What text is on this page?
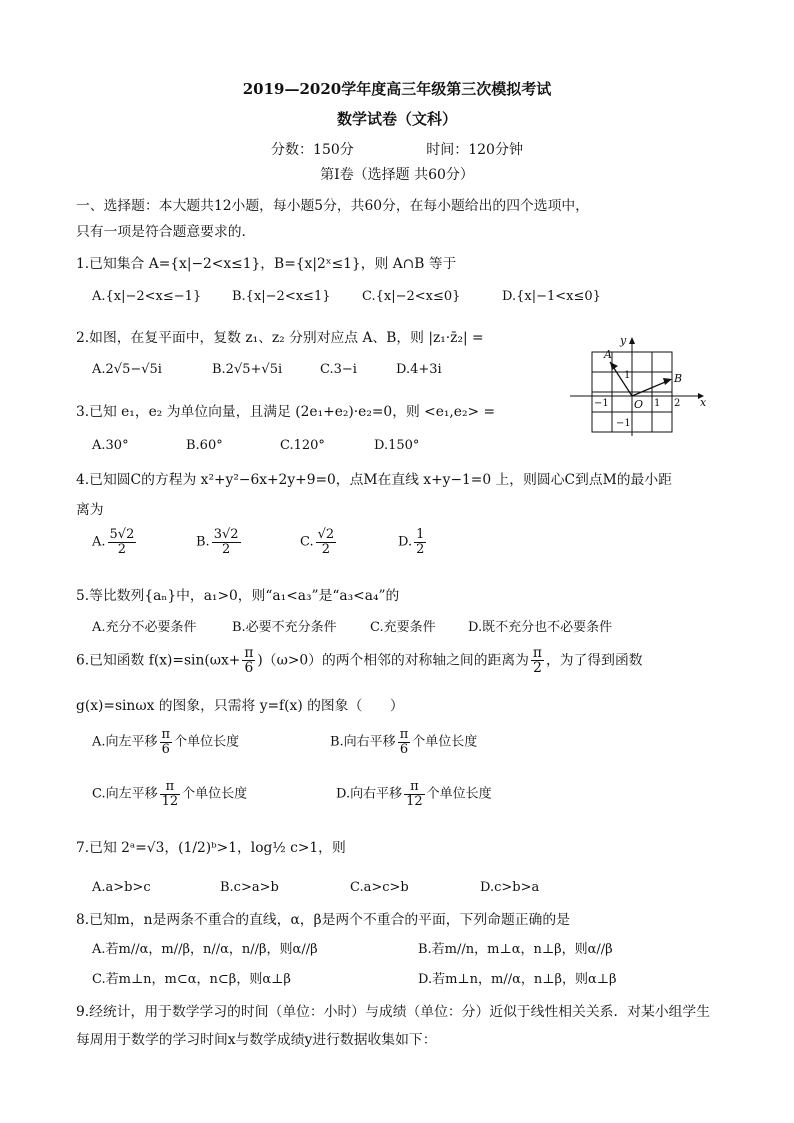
2019—2020学年度高三年级第三次模拟考试
数学试卷（文科）
分数：150分	时间：120分钟
第Ⅰ卷（选择题 共60分）
一、选择题：本大题共12小题，每小题5分，共60分，在每小题给出的四个选项中，
只有一项是符合题意要求的.
1.已知集合 A={x|−2<x≤1}，B={x|2ˣ≤1}，则 A∩B 等于
A.{x|−2<x≤−1} B.{x|−2<x≤1} C.{x|−2<x≤0}	D.{x|−1<x≤0}
2.如图，在复平面中，复数 z₁、z₂ 分别对应点 A、B，则 |z₁·z̄₂| =
A.2√5−√5i	B.2√5+√5i	C.3−i	D.4+3i
A
B
O	x
y
−1	1 2
1
−1
3.已知 e₁，e₂ 为单位向量，且满足 (2e₁+e₂)·e₂=0，则 <e₁,e₂> =
A.30°	B.60°	C.120°	D.150°
4.已知圆C的方程为 x²+y²−6x+2y+9=0，点M在直线 x+y−1=0 上，则圆心C到点M的最小距
离为
A. $\frac{5√2}{2}$	B. $\frac{3√2}{2}$	C. $\frac{√2}{2}$	D. $\frac{1}{2}$
5.等比数列{aₙ}中，a₁>0，则“a₁<a₃”是“a₃<a₄”的
A.充分不必要条件	B.必要不充分条件	C.充要条件 D.既不充分也不必要条件
6.已知函数 $f(x)=\sin(\omega x+ \frac{\pi}{6} )(\omega>0)$的两个相邻的对称轴之间的距离为 $\frac{\pi}{2}$ ，为了得到函数
g(x)=sinωx 的图象，只需将 y=f(x) 的图象（　　）
A.向左平移 $\frac{\pi}{6}$ 个单位长度	B.向右平移 $\frac{\pi}{6}$ 个单位长度
C.向左平移 $\frac{\pi}{12}$ 个单位长度	D.向右平移 $\frac{\pi}{12}$ 个单位长度
7.已知 2ᵃ=√3，(1/2)ᵇ>1，log½ c>1，则
A.a>b>c	B.c>a>b	C.a>c>b	D.c>b>a
8.已知m，n是两条不重合的直线，α，β是两个不重合的平面，下列命题正确的是
A.若m//α，m//β，n//α，n//β，则α//β	B.若m//n，m⊥α，n⊥β，则α//β
C.若m⊥n，m⊂α，n⊂β，则α⊥β	D.若m⊥n，m//α，n⊥β，则α⊥β
9.经统计，用于数学学习的时间（单位：小时）与成绩（单位：分）近似于线性相关关系．对某小组学生
每周用于数学的学习时间x与数学成绩y进行数据收集如下：
